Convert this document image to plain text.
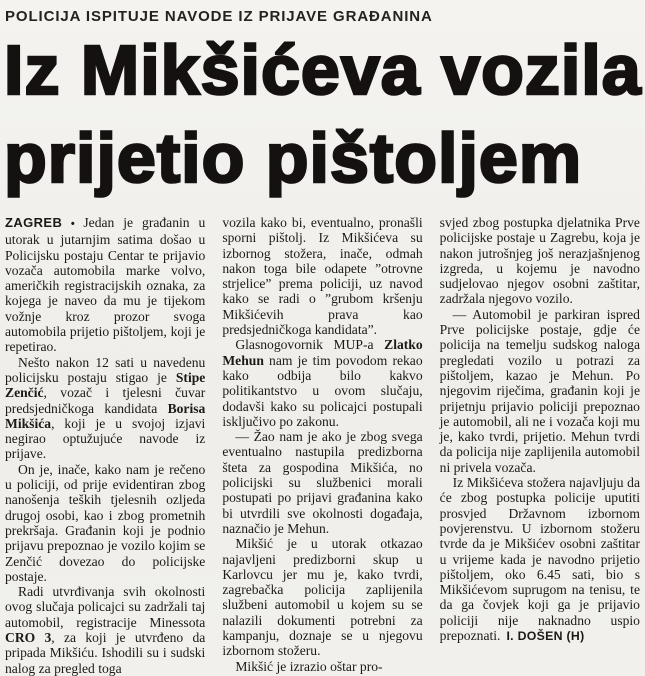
POLICIJA ISPITUJE NAVODE IZ PRIJAVE GRAĐANINA
Iz Mikšićeva vozila
prijetio pištoljem

ZAGREB • Jedan je građanin u utorak u jutarnjim satima došao u Policijsku postaju Centar te prijavio vozača automobila marke volvo, američkih registracijskih oznaka, za kojega je naveo da mu je tijekom vožnje kroz prozor svoga automobila prijetio pištoljem, koji je repetirao.

Nešto nakon 12 sati u navedenu policijsku postaju stigao je Stipe Zenčić, vozač i tjelesni čuvar predsjedničkoga kandidata Borisa Mikšića, koji je u svojoj izjavi negirao optužujuće navode iz prijave.

On je, inače, kako nam je rečeno u policiji, od prije evidentiran zbog nanošenja teških tjelesnih ozljeda drugoj osobi, kao i zbog prometnih prekršaja. Građanin koji je podnio prijavu prepoznao je vozilo kojim se Zenčić dovezao do policijske postaje.

Radi utvrđivanja svih okolnosti ovog slučaja policajci su zadržali taj automobil, registracije Minessota CRO 3, za koji je utvrđeno da pripada Mikšiću. Ishodili su i sudski nalog za pregled toga

vozila kako bi, eventualno, pronašli sporni pištolj. Iz Mikšićeva su izbornog stožera, inače, odmah nakon toga bile odapete ”otrovne strjelice” prema policiji, uz navod kako se radi o ”grubom kršenju Mikšićevih prava kao predsjedničkoga kandidata”.

Glasnogovornik MUP-a Zlatko Mehun nam je tim povodom rekao kako odbija bilo kakvo politikantstvo u ovom slučaju, dodavši kako su policajci postupali isključivo po zakonu.

— Žao nam je ako je zbog svega eventualno nastupila predizborna šteta za gospodina Mikšića, no policijski su službenici morali postupati po prijavi građanina kako bi utvrdili sve okolnosti događaja, naznačio je Mehun.

Mikšić je u utorak otkazao najavljeni predizborni skup u Karlovcu jer mu je, kako tvrdi, zagrebačka policija zaplijenila službeni automobil u kojem su se nalazili dokumenti potrebni za kampanju, doznaje se u njegovu izbornom stožeru.

Mikšić je izrazio oštar pro-

svjed zbog postupka djelatnika Prve policijske postaje u Zagrebu, koja je nakon jutrošnjeg još nerazjašnjenog izgreda, u kojemu je navodno sudjelovao njegov osobni zaštitar, zadržala njegovo vozilo.

— Automobil je parkiran ispred Prve policijske postaje, gdje će policija na temelju sudskog naloga pregledati vozilo u potrazi za pištoljem, kazao je Mehun. Po njegovim riječima, građanin koji je prijetnju prijavio policiji prepoznao je automobil, ali ne i vozača koji mu je, kako tvrdi, prijetio. Mehun tvrdi da policija nije zaplijenila automobil ni privela vozača.

Iz Mikšićeva stožera najavljuju da će zbog postupka policije uputiti prosvjed Državnom izbornom povjerenstvu. U izbornom stožeru tvrde da je Mikšićev osobni zaštitar u vrijeme kada je navodno prijetio pištoljem, oko 6.45 sati, bio s Mikšićevom suprugom na tenisu, te da ga čovjek koji ga je prijavio policiji nije naknadno uspio prepoznati. I. DOŠEN (H)
